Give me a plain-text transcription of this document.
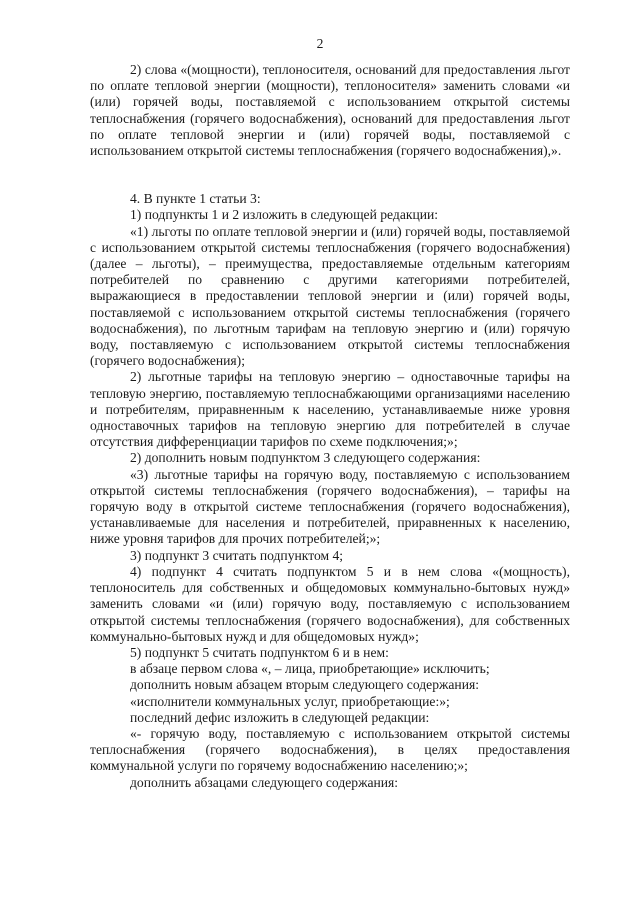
2

2) слова «(мощности), теплоносителя, оснований для предоставления льгот по оплате тепловой энергии (мощности), теплоносителя» заменить словами «и (или) горячей воды, поставляемой с использованием открытой системы теплоснабжения (горячего водоснабжения), оснований для предоставления льгот по оплате тепловой энергии и (или) горячей воды, поставляемой с использованием открытой системы теплоснабжения (горячего водоснабжения),».

4. В пункте 1 статьи 3:

1) подпункты 1 и 2 изложить в следующей редакции:

«1) льготы по оплате тепловой энергии и (или) горячей воды, поставляемой с использованием открытой системы теплоснабжения (горячего водоснабжения) (далее – льготы), – преимущества, предоставляемые отдельным категориям потребителей по сравнению с другими категориями потребителей, выражающиеся в предоставлении тепловой энергии и (или) горячей воды, поставляемой с использованием открытой системы теплоснабжения (горячего водоснабжения), по льготным тарифам на тепловую энергию и (или) горячую воду, поставляемую с использованием открытой системы теплоснабжения (горячего водоснабжения);

2) льготные тарифы на тепловую энергию – одноставочные тарифы на тепловую энергию, поставляемую теплоснабжающими организациями населению и потребителям, приравненным к населению, устанавливаемые ниже уровня одноставочных тарифов на тепловую энергию для потребителей в случае отсутствия дифференциации тарифов по схеме подключения;»;

2) дополнить новым подпунктом 3 следующего содержания:

«3) льготные тарифы на горячую воду, поставляемую с использованием открытой системы теплоснабжения (горячего водоснабжения), – тарифы на горячую воду в открытой системе теплоснабжения (горячего водоснабжения), устанавливаемые для населения и потребителей, приравненных к населению, ниже уровня тарифов для прочих потребителей;»;

3) подпункт 3 считать подпунктом 4;

4) подпункт 4 считать подпунктом 5 и в нем слова «(мощность), теплоноситель для собственных и общедомовых коммунально-бытовых нужд» заменить словами «и (или) горячую воду, поставляемую с использованием открытой системы теплоснабжения (горячего водоснабжения), для собственных коммунально-бытовых нужд и для общедомовых нужд»;

5) подпункт 5 считать подпунктом 6 и в нем:

в абзаце первом слова «, – лица, приобретающие» исключить;

дополнить новым абзацем вторым следующего содержания:

«исполнители коммунальных услуг, приобретающие:»;

последний дефис изложить в следующей редакции:

«- горячую воду, поставляемую с использованием открытой системы теплоснабжения (горячего водоснабжения), в целях предоставления коммунальной услуги по горячему водоснабжению населению;»;

дополнить абзацами следующего содержания:
